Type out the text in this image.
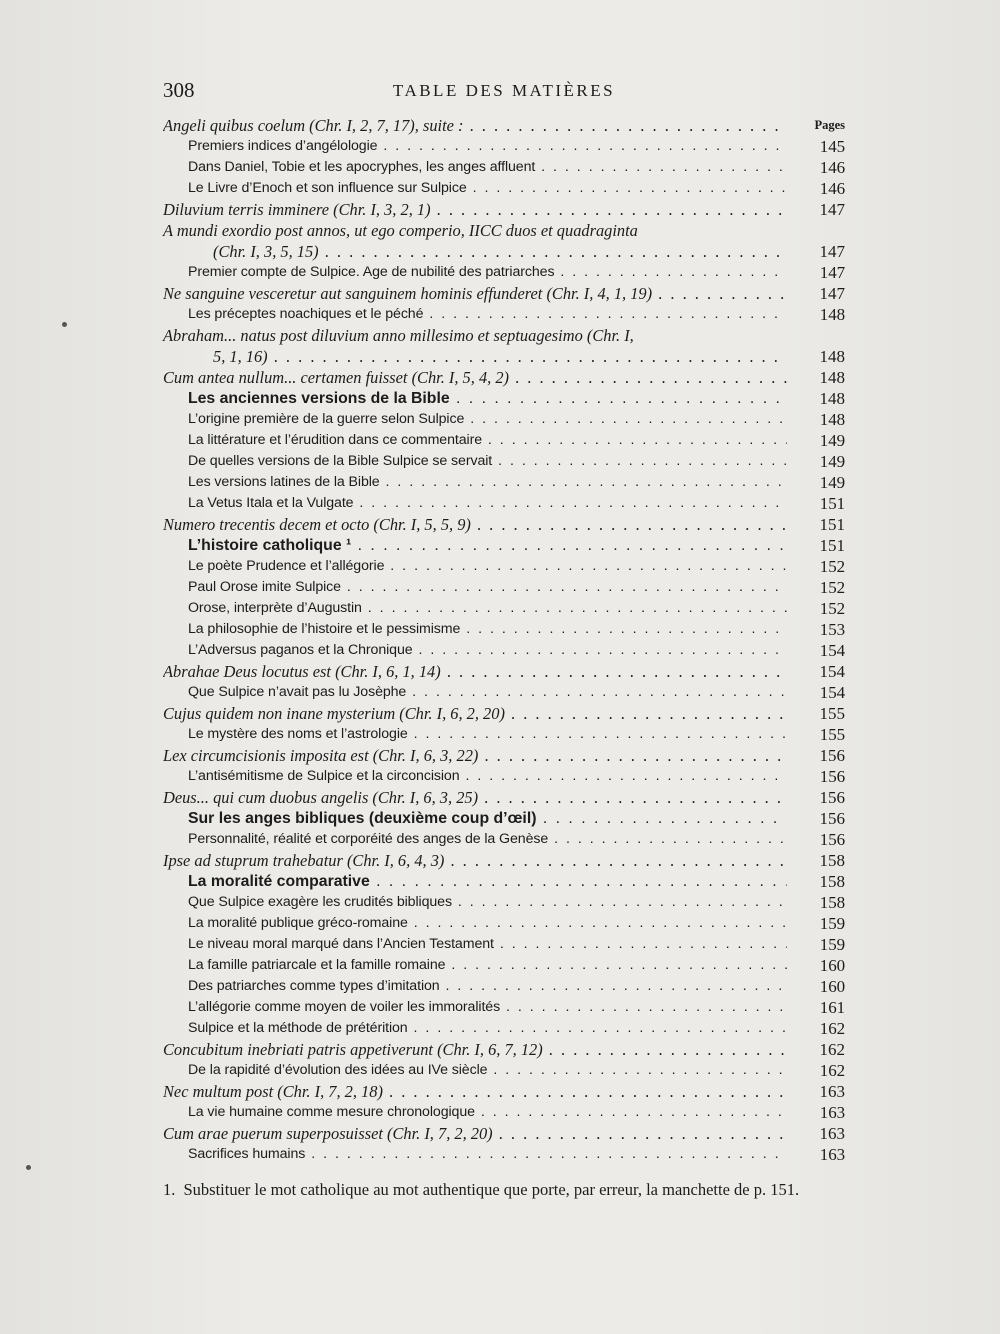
308	TABLE DES MATIÈRES
Angeli quibus coelum (Chr. I, 2, 7, 17), suite : . . .	Pages
Premiers indices d’angélologie . . .	145
Dans Daniel, Tobie et les apocryphes, les anges affluent . . .	146
Le Livre d’Enoch et son influence sur Sulpice . . .	146
Diluvium terris imminere (Chr. I, 3, 2, 1) . . .	147
A mundi exordio post annos, ut ego comperio, IICC duos et quadraginta
(Chr. I, 3, 5, 15) . . .	147
Premier compte de Sulpice. Age de nubilité des patriarches . . .	147
Ne sanguine vesceretur aut sanguinem hominis effunderet (Chr. I, 4, 1, 19) . . .	147
Les préceptes noachiques et le péché . . .	148
Abraham... natus post diluvium anno millesimo et septuagesimo (Chr. I,
5, 1, 16) . . .	148
Cum antea nullum... certamen fuisset (Chr. I, 5, 4, 2) . . .	148
Les anciennes versions de la Bible . . .	148
L’origine première de la guerre selon Sulpice . . .	148
La littérature et l’érudition dans ce commentaire . . .	149
De quelles versions de la Bible Sulpice se servait . . .	149
Les versions latines de la Bible . . .	149
La Vetus Itala et la Vulgate . . .	151
Numero trecentis decem et octo (Chr. I, 5, 5, 9) . . .	151
L’histoire catholique ¹ . . .	151
Le poète Prudence et l’allégorie . . .	152
Paul Orose imite Sulpice . . .	152
Orose, interprète d’Augustin . . .	152
La philosophie de l’histoire et le pessimisme . . .	153
L’Adversus paganos et la Chronique . . .	154
Abrahae Deus locutus est (Chr. I, 6, 1, 14) . . .	154
Que Sulpice n’avait pas lu Josèphe . . .	154
Cujus quidem non inane mysterium (Chr. I, 6, 2, 20) . . .	155
Le mystère des noms et l’astrologie . . .	155
Lex circumcisionis imposita est (Chr. I, 6, 3, 22) . . .	156
L’antisémitisme de Sulpice et la circoncision . . .	156
Deus... qui cum duobus angelis (Chr. I, 6, 3, 25) . . .	156
Sur les anges bibliques (deuxième coup d’œil) . . .	156
Personnalité, réalité et corporéité des anges de la Genèse . . .	156
Ipse ad stuprum trahebatur (Chr. I, 6, 4, 3) . . .	158
La moralité comparative . . .	158
Que Sulpice exagère les crudités bibliques . . .	158
La moralité publique gréco-romaine . . .	159
Le niveau moral marqué dans l’Ancien Testament . . .	159
La famille patriarcale et la famille romaine . . .	160
Des patriarches comme types d’imitation . . .	160
L’allégorie comme moyen de voiler les immoralités . . .	161
Sulpice et la méthode de prétérition . . .	162
Concubitum inebriati patris appetiverunt (Chr. I, 6, 7, 12) . . .	162
De la rapidité d’évolution des idées au IVe siècle . . .	162
Nec multum post (Chr. I, 7, 2, 18) . . .	163
La vie humaine comme mesure chronologique . . .	163
Cum arae puerum superposuisset (Chr. I, 7, 2, 20) . . .	163
Sacrifices humains . . .	163
1. Substituer le mot catholique au mot authentique que porte, par erreur, la manchette de p. 151.
